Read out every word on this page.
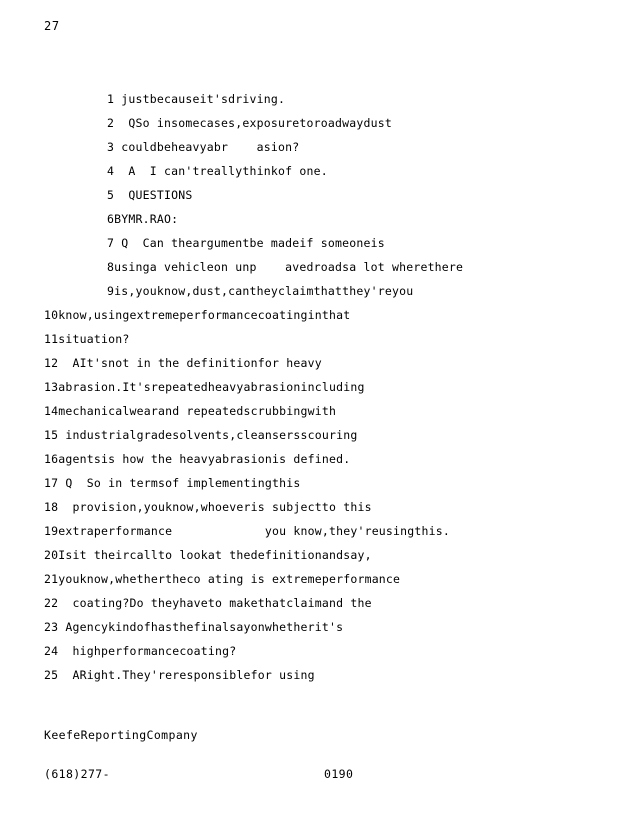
27
1 justbecauseit'sdriving.
2  QSo insomecases,exposuretoroadwaydust
3 couldbeheavyabr    asion?
4  A  I can'treallythinkof one.
5  QUESTIONS
6BYMR.RAO:
7 Q  Can theargumentbe madeif someoneis
8usinga vehicleon unp    avedroadsa lot wherethere
9is,youknow,dust,cantheyclaimthatthey'reyou
10know,usingextremeperformancecoatinginthat
11situation?
12  AIt'snot in the definitionfor heavy
13abrasion.It'srepeatedheavyabrasionincluding
14mechanicalwearand repeatedscrubbingwith
15 industrialgradesolvents,cleansersscouring
16agentsis how the heavyabrasionis defined.
17 Q  So in termsof implementingthis
18  provision,youknow,whoeveris subjectto this
19extraperformance             you know,they'reusingthis.
20Isit theircallto lookat thedefinitionandsay,
21youknow,whethertheco ating is extremeperformance
22  coating?Do theyhaveto makethatclaimand the
23 Agencykindofhasthefinalsayonwhetherit's
24  highperformancecoating?
25  ARight.They'reresponsiblefor using

KeefeReportingCompany

(618)277-

	0190
